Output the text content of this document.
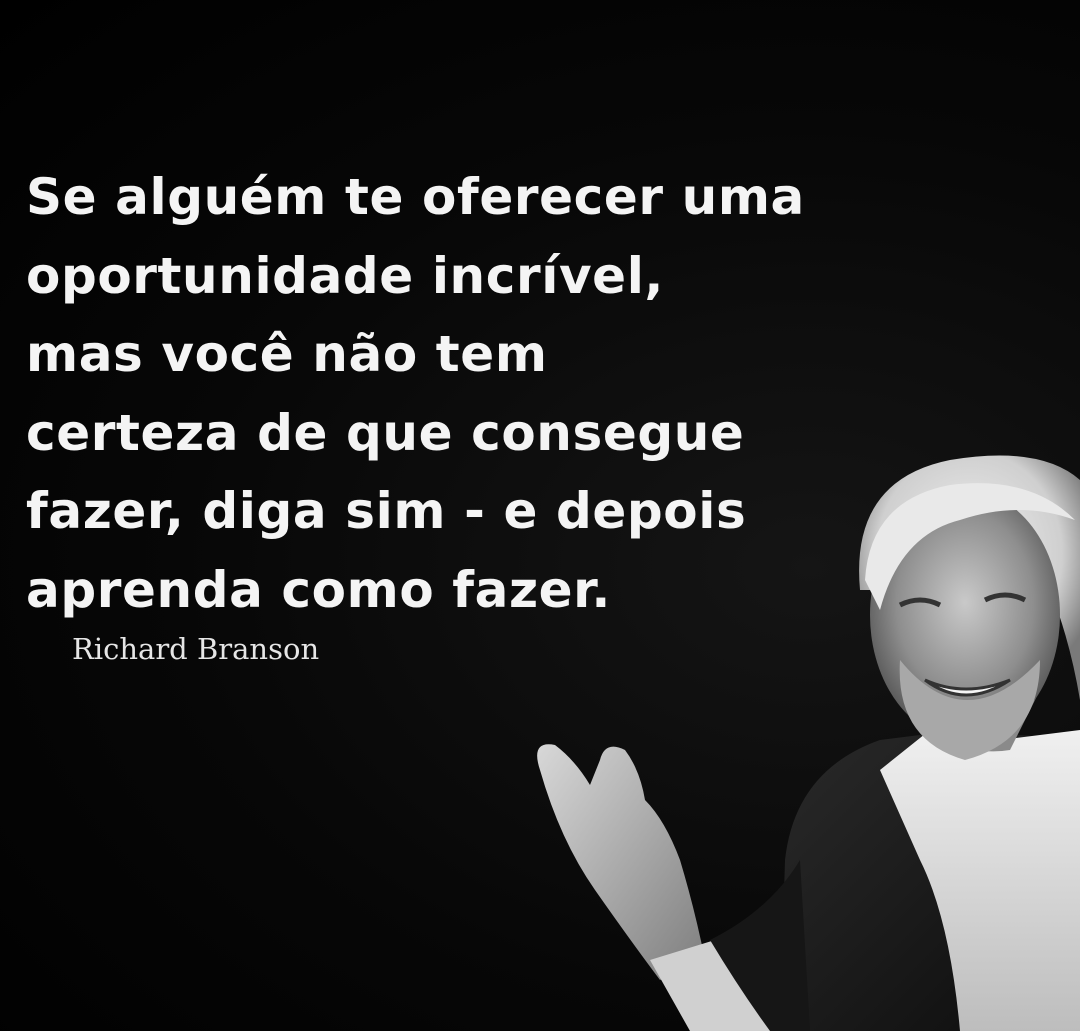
Se alguém te oferecer uma
oportunidade incrível,
mas você não tem
certeza de que consegue
fazer, diga sim - e depois
aprenda como fazer.
Richard Branson
